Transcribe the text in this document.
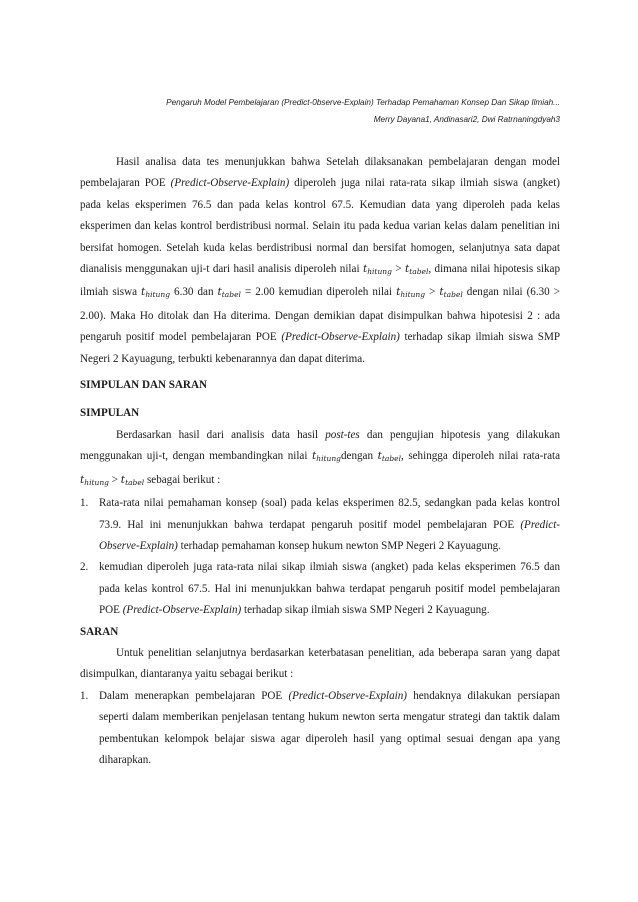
Pengaruh Model Pembelajaran (Predict-0bserve-Explain) Terhadap Pemahaman Konsep Dan Sikap Ilmiah...
Merry Dayana1, Andinasari2, Dwi Ratrnaningdyah3

Hasil analisa data tes menunjukkan bahwa Setelah dilaksanakan pembelajaran dengan model pembelajaran POE (Predict-Observe-Explain) diperoleh juga nilai rata-rata sikap ilmiah siswa (angket) pada kelas eksperimen 76.5 dan pada kelas kontrol 67.5. Kemudian data yang diperoleh pada kelas eksperimen dan kelas kontrol berdistribusi normal. Selain itu pada kedua varian kelas dalam penelitian ini bersifat homogen. Setelah kuda kelas berdistribusi normal dan bersifat homogen, selanjutnya sata dapat dianalisis menggunakan uji-t dari hasil analisis diperoleh nilai $t_{hitung} > t_{tabel}$, dimana nilai hipotesis sikap ilmiah siswa $t_{hitung}$ 6.30 dan $t_{tabel} = 2.00$ kemudian diperoleh nilai $t_{hitung} > t_{tabel}$ dengan nilai (6.30 > 2.00). Maka Ho ditolak dan Ha diterima. Dengan demikian dapat disimpulkan bahwa hipotesisi 2 : ada pengaruh positif model pembelajaran POE (Predict-Observe-Explain) terhadap sikap ilmiah siswa SMP Negeri 2 Kayuagung, terbukti kebenarannya dan dapat diterima.

SIMPULAN DAN SARAN
SIMPULAN

Berdasarkan hasil dari analisis data hasil post-tes dan pengujian hipotesis yang dilakukan menggunakan uji-t, dengan membandingkan nilai $t_{hitung}dengan$ $t_{tabel}$, sehingga diperoleh nilai rata-rata $t_{hitung} > t_{tabel}$ sebagai berikut :

1. Rata-rata nilai pemahaman konsep (soal) pada kelas eksperimen 82.5, sedangkan pada kelas kontrol 73.9. Hal ini menunjukkan bahwa terdapat pengaruh positif model pembelajaran POE (Predict-Observe-Explain) terhadap pemahaman konsep hukum newton SMP Negeri 2 Kayuagung.
2. kemudian diperoleh juga rata-rata nilai sikap ilmiah siswa (angket) pada kelas eksperimen 76.5 dan pada kelas kontrol 67.5. Hal ini menunjukkan bahwa terdapat pengaruh positif model pembelajaran POE (Predict-Observe-Explain) terhadap sikap ilmiah siswa SMP Negeri 2 Kayuagung.
SARAN

Untuk penelitian selanjutnya berdasarkan keterbatasan penelitian, ada beberapa saran yang dapat disimpulkan, diantaranya yaitu sebagai berikut :

1. Dalam menerapkan pembelajaran POE (Predict-Observe-Explain) hendaknya dilakukan persiapan seperti dalam memberikan penjelasan tentang hukum newton serta mengatur strategi dan taktik dalam pembentukan kelompok belajar siswa agar diperoleh hasil yang optimal sesuai dengan apa yang diharapkan.
